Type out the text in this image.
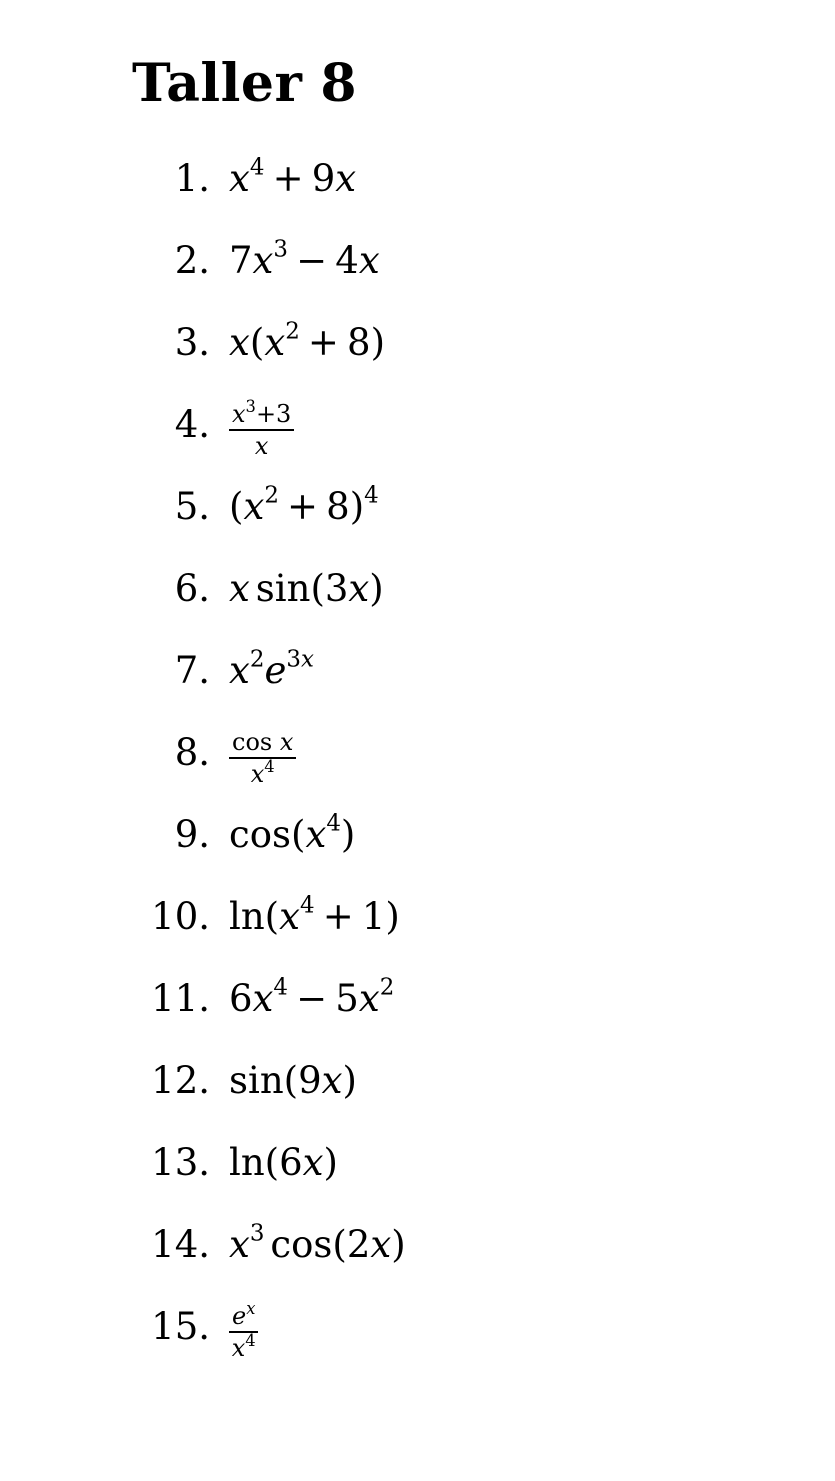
Taller 8
1. $x^4 + 9x$
2. $7x^3 - 4x$
3. $x(x^2 + 8)$
4. $\frac{x^3+3}{x}$
5. $(x^2 + 8)^4$
6. x sin(3x)
7. $x^2e^{3x}$
8. $\frac{\text{cos x}}{x^4}$
9. $\cos(x^4)$
10. $\ln(x^4 + 1)$
11. $6x^4 - 5x^2$
12. sin(9x)
13. ln(6x)
14. $x^3$ cos(2x)
15. $\frac{e^x}{x^4}$
